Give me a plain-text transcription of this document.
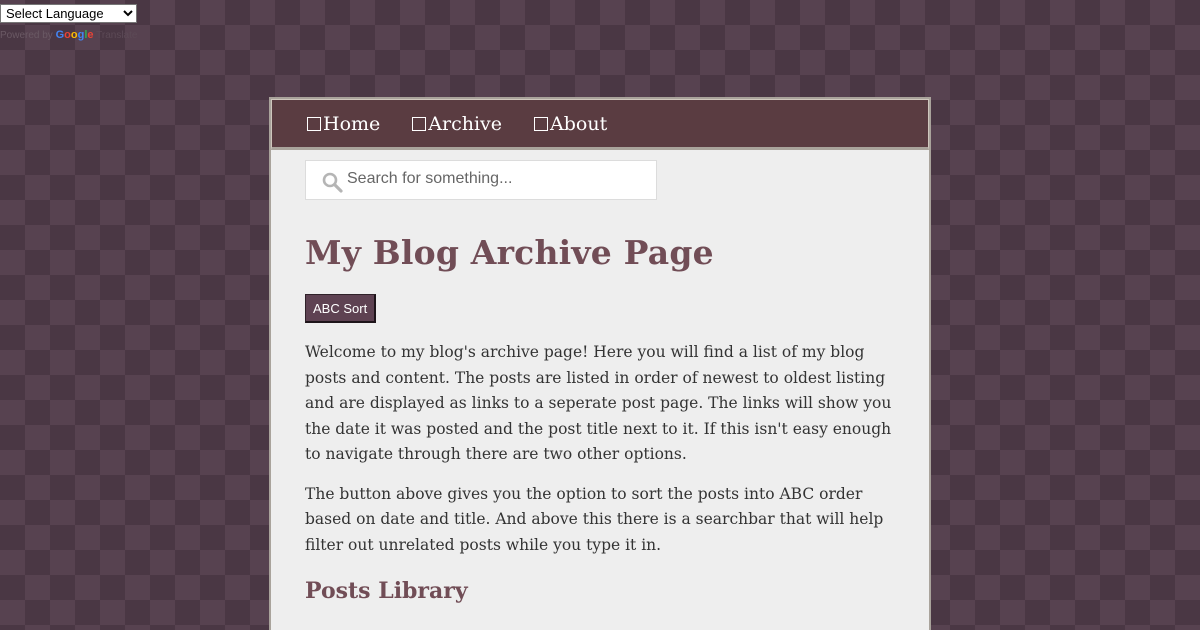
Select Language
Powered by Google Translate
Home	Archive	About
Search for something...
My Blog Archive Page
ABC Sort

Welcome to my blog's archive page! Here you will find a list of my blog posts and content. The posts are listed in order of newest to oldest listing and are displayed as links to a seperate post page. The links will show you the date it was posted and the post title next to it. If this isn't easy enough to navigate through there are two other options.

The button above gives you the option to sort the posts into ABC order based on date and title. And above this there is a searchbar that will help filter out unrelated posts while you type it in.

Posts Library
